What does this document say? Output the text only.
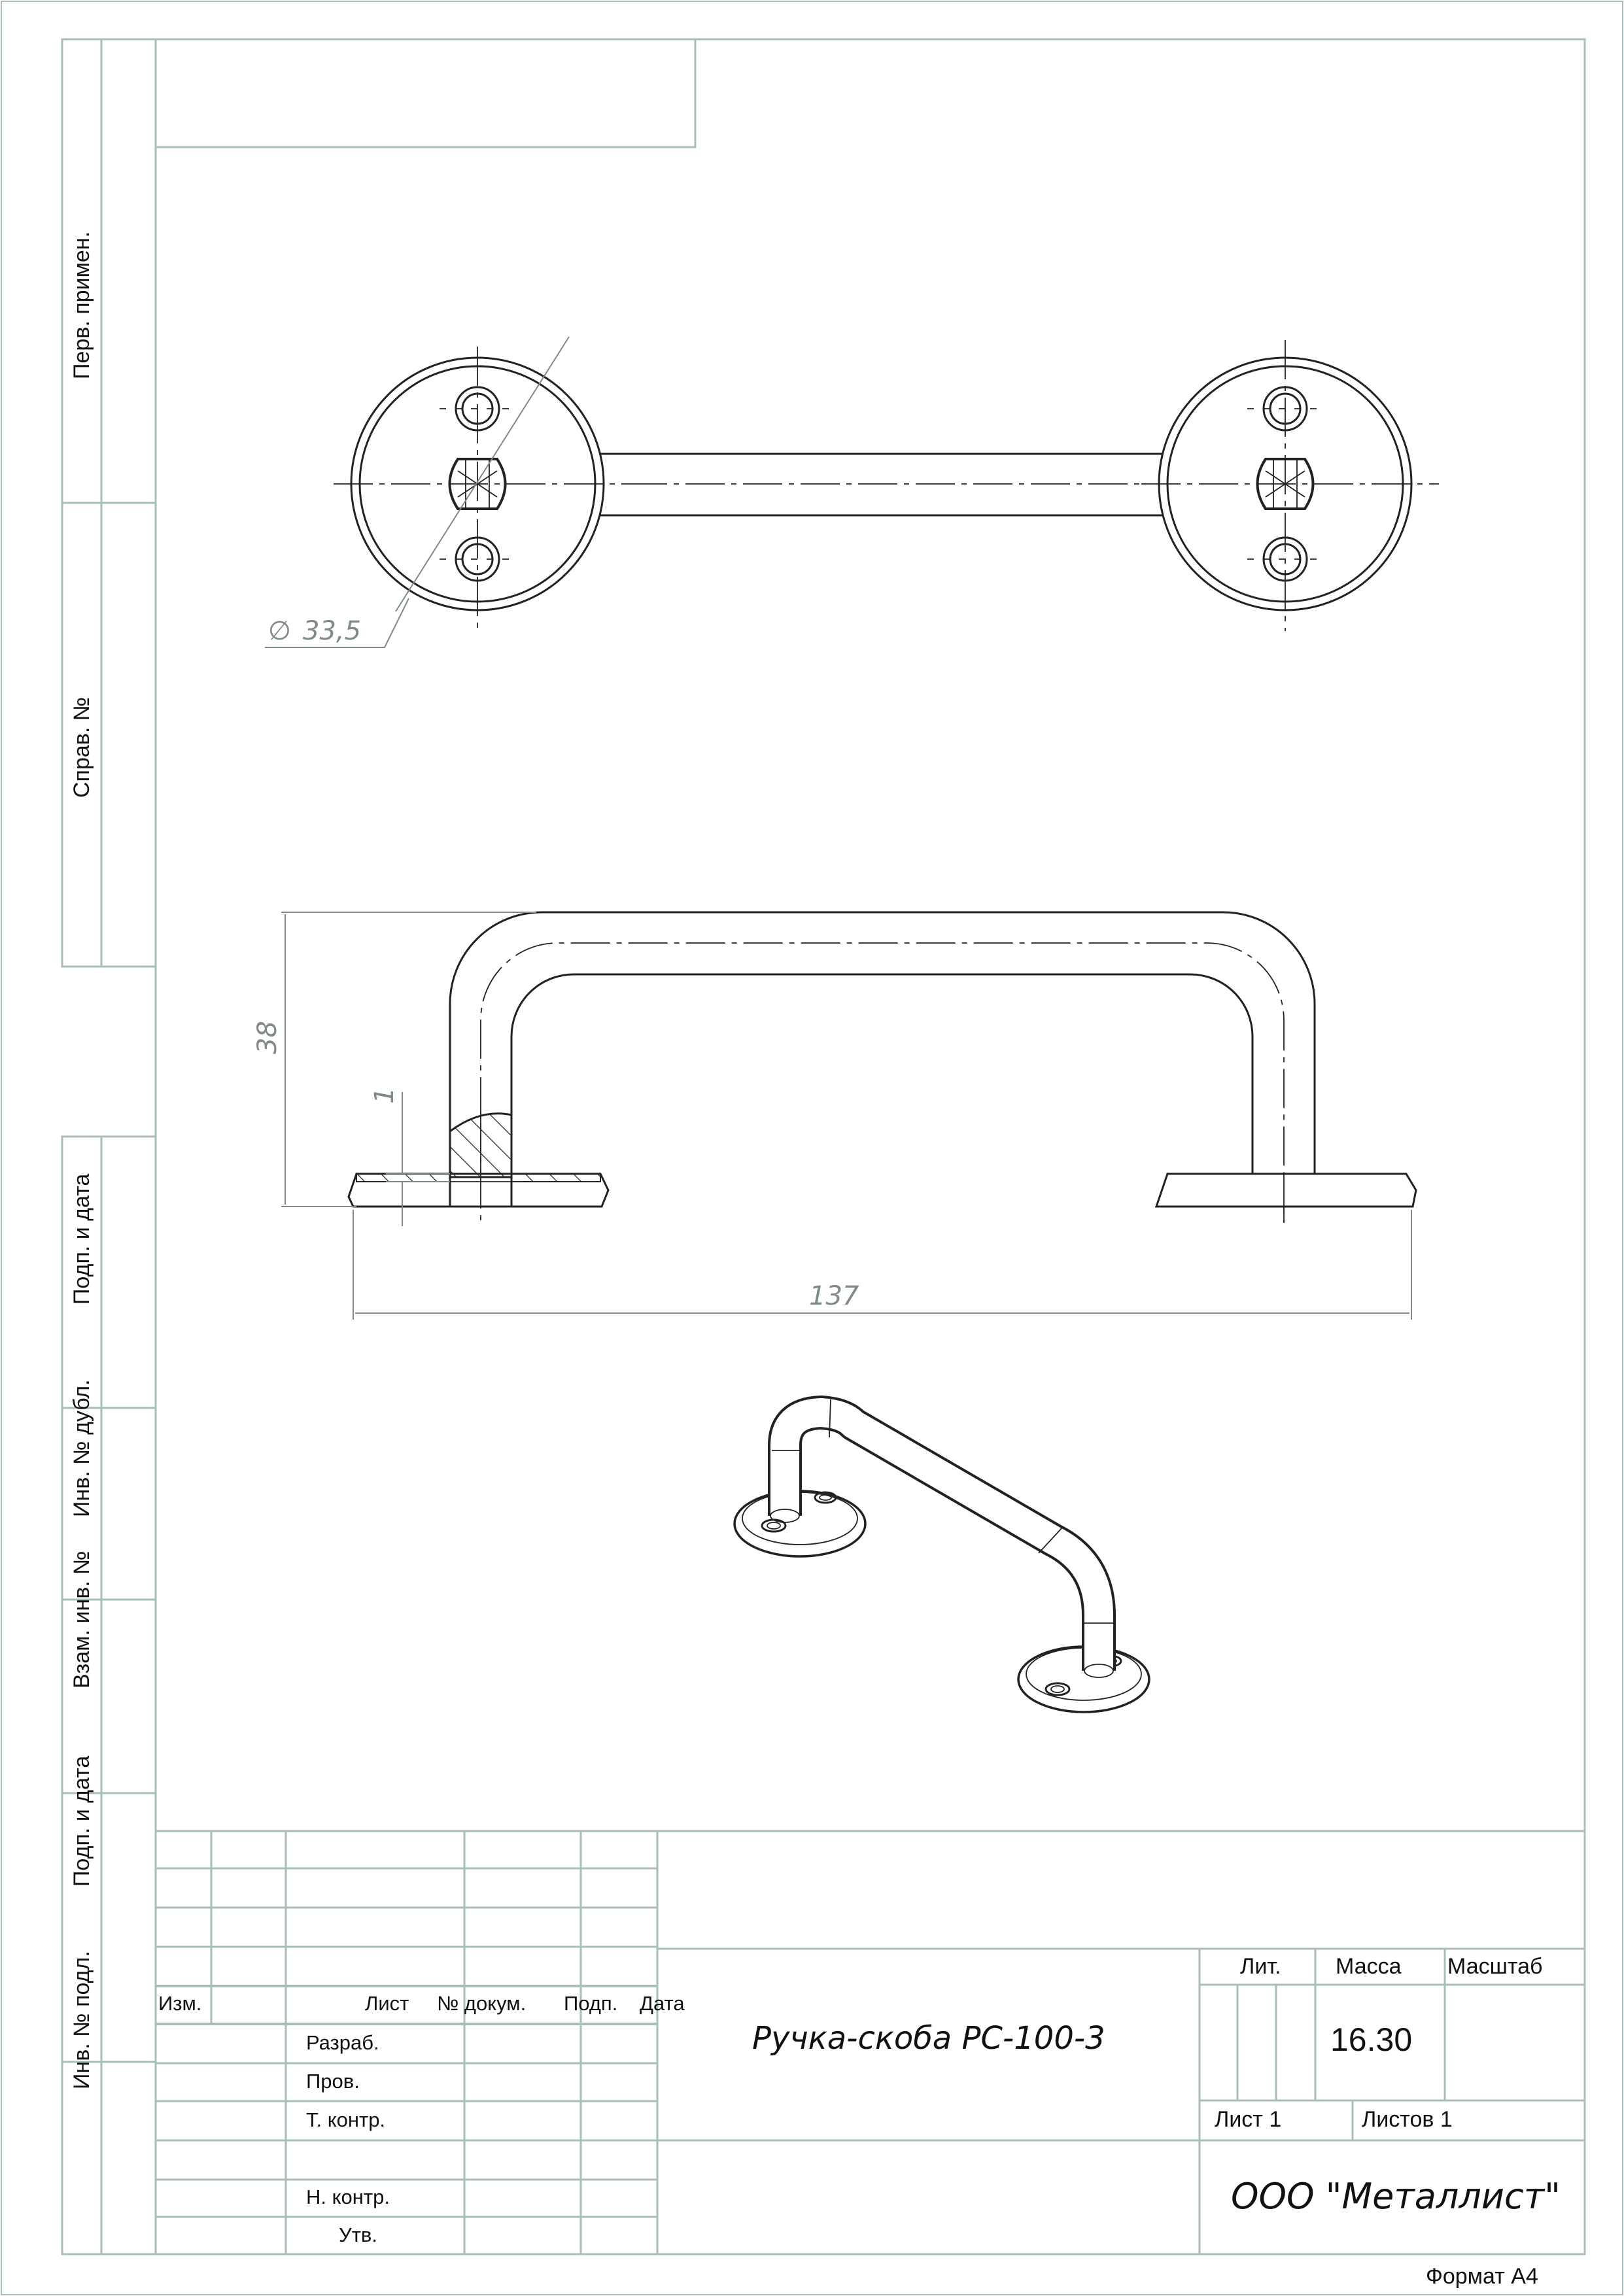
Перв. примен.
Справ. №
Подп. и дата
Инв. № дубл.
Взам. инв. №
Подп. и дата
Инв. № подл.
∅ 33,5
38
1
137
Изм.	Лист № докум. Подп. Дата
Разраб.
Пров.
Т. контр.
Н. контр.
Утв.
Ручка-скоба РС-100-3
Лит. Масса Масштаб
16.30
Лист 1	Листов 1
ООО "Металлист"
Формат А4
